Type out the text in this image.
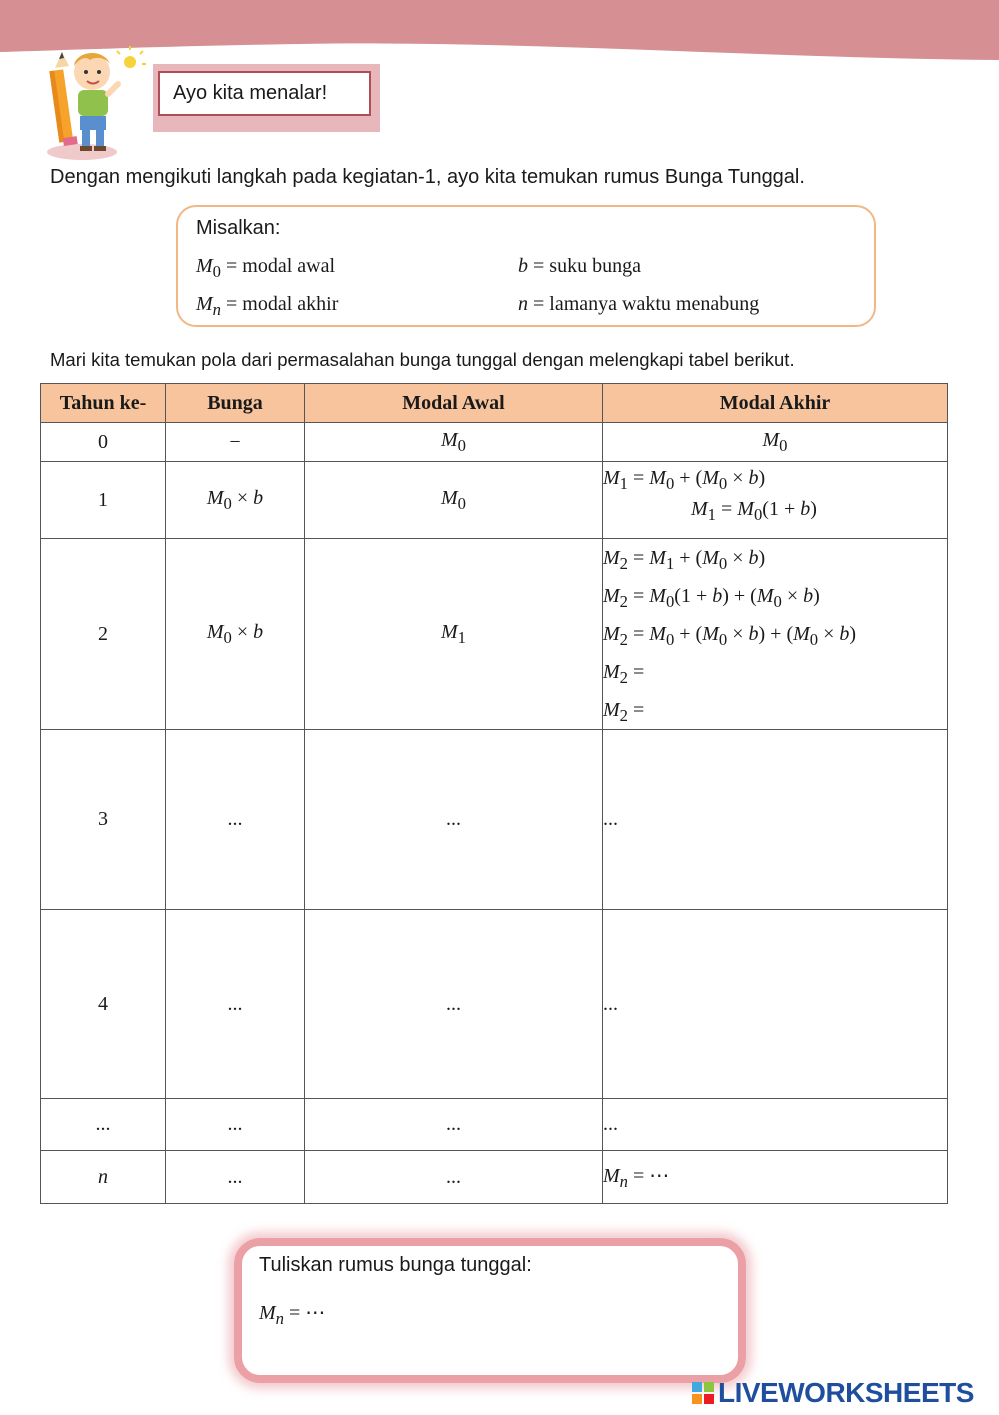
Ayo kita menalar!
Dengan mengikuti langkah pada kegiatan-1, ayo kita temukan rumus Bunga Tunggal.
Misalkan:
$M_0$ = modal awal	b = suku bunga
$M_n$ = modal akhir	n = lamanya waktu menabung
Mari kita temukan pola dari permasalahan bunga tunggal dengan melengkapi tabel berikut.
Tahun ke-	Bunga	Modal Awal	Modal Akhir
0	−	$M_0$	$M_0$
1	$M_0 \times b$	$M_0$	$M_1 = M_0 + (M_0 \times b)$
$M_1 = M_0(1 + b)$

2	$M_0 \times b$	$M_1$	$M_2 = M_1 + (M_0 \times b)$
$M_2 = M_0(1 + b) + (M_0 \times b)$
$M_2 = M_0 + (M_0 \times b) + (M_0 \times b)$
$M_2$ =
$M_2$ =

3	...	...	...
4	...	...	...
...	...	...	...
n	...	...	$M_n$ = ⋯
Tuliskan rumus bunga tunggal:
$M_n$ = ⋯
LIVEWORKSHEETS
